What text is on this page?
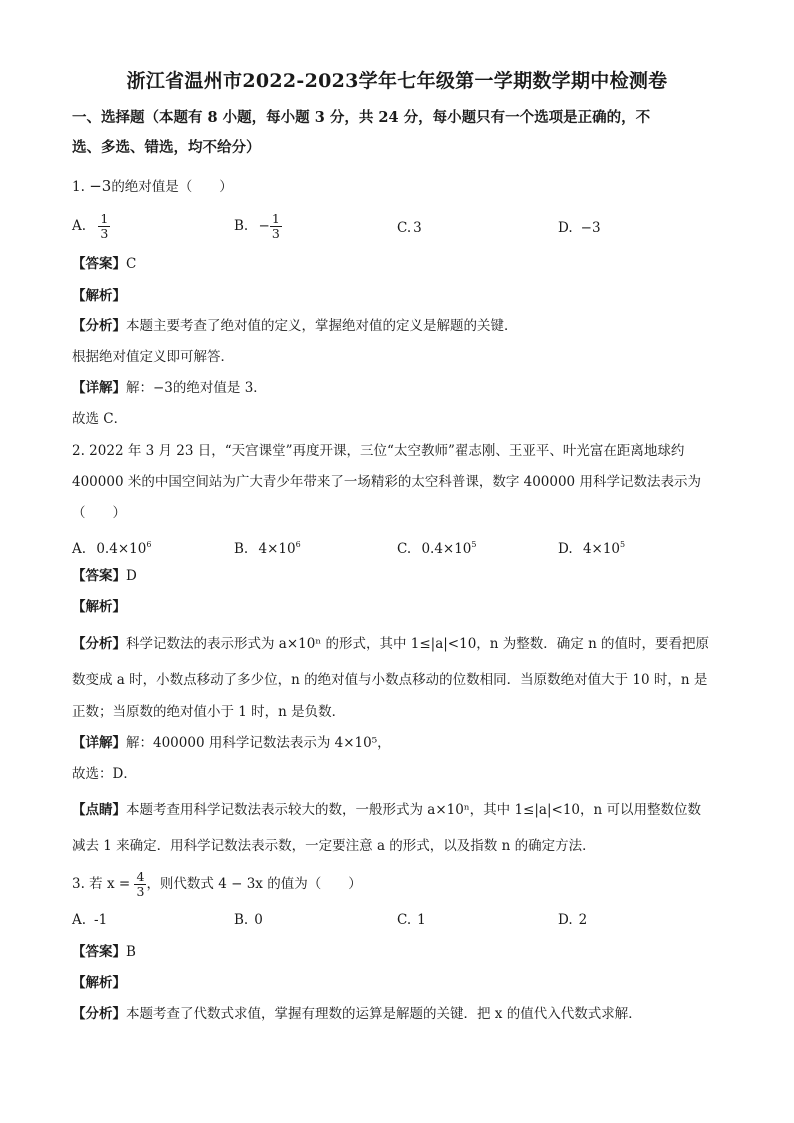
浙江省温州市2022-2023学年七年级第一学期数学期中检测卷
一、选择题（本题有 8 小题，每小题 3 分，共 24 分，每小题只有一个选项是正确的，不
选、多选、错选，均不给分）
1. −3的绝对值是（　　）
A. $\frac{1}{3}$	B. − $\frac{1}{3}$	C. 3	D. −3
【答案】C
【解析】
【分析】本题主要考查了绝对值的定义，掌握绝对值的定义是解题的关键．
根据绝对值定义即可解答．
【详解】解：−3的绝对值是 3．
故选 C．
2. 2022 年 3 月 23 日，“天宫课堂”再度开课，三位“太空教师”翟志刚、王亚平、叶光富在距离地球约
400000 米的中国空间站为广大青少年带来了一场精彩的太空科普课，数字 400000 用科学记数法表示为
（　　）
A. $0.4\times 10^6$	B. $4\times 10^6$	C. $0.4\times 10^5$	D. $4\times 10^5$
【答案】D
【解析】
【分析】科学记数法的表示形式为 a×10ⁿ 的形式，其中 1≤|a|<10，n 为整数．确定 n 的值时，要看把原
数变成 a 时，小数点移动了多少位，n 的绝对值与小数点移动的位数相同．当原数绝对值大于 10 时，n 是
正数；当原数的绝对值小于 1 时，n 是负数．
【详解】解：400000 用科学记数法表示为 4×10⁵，
故选：D．
【点睛】本题考查用科学记数法表示较大的数，一般形式为 a×10ⁿ，其中 1≤|a|<10，n 可以用整数位数
减去 1 来确定．用科学记数法表示数，一定要注意 a 的形式，以及指数 n 的确定方法．
3. 若 $x = \frac{4}{3}$ ，则代数式 4 − 3x 的值为（　　）
A. -1	B. 0	C. 1	D. 2
【答案】B
【解析】
【分析】本题考查了代数式求值，掌握有理数的运算是解题的关键．把 x 的值代入代数式求解．
